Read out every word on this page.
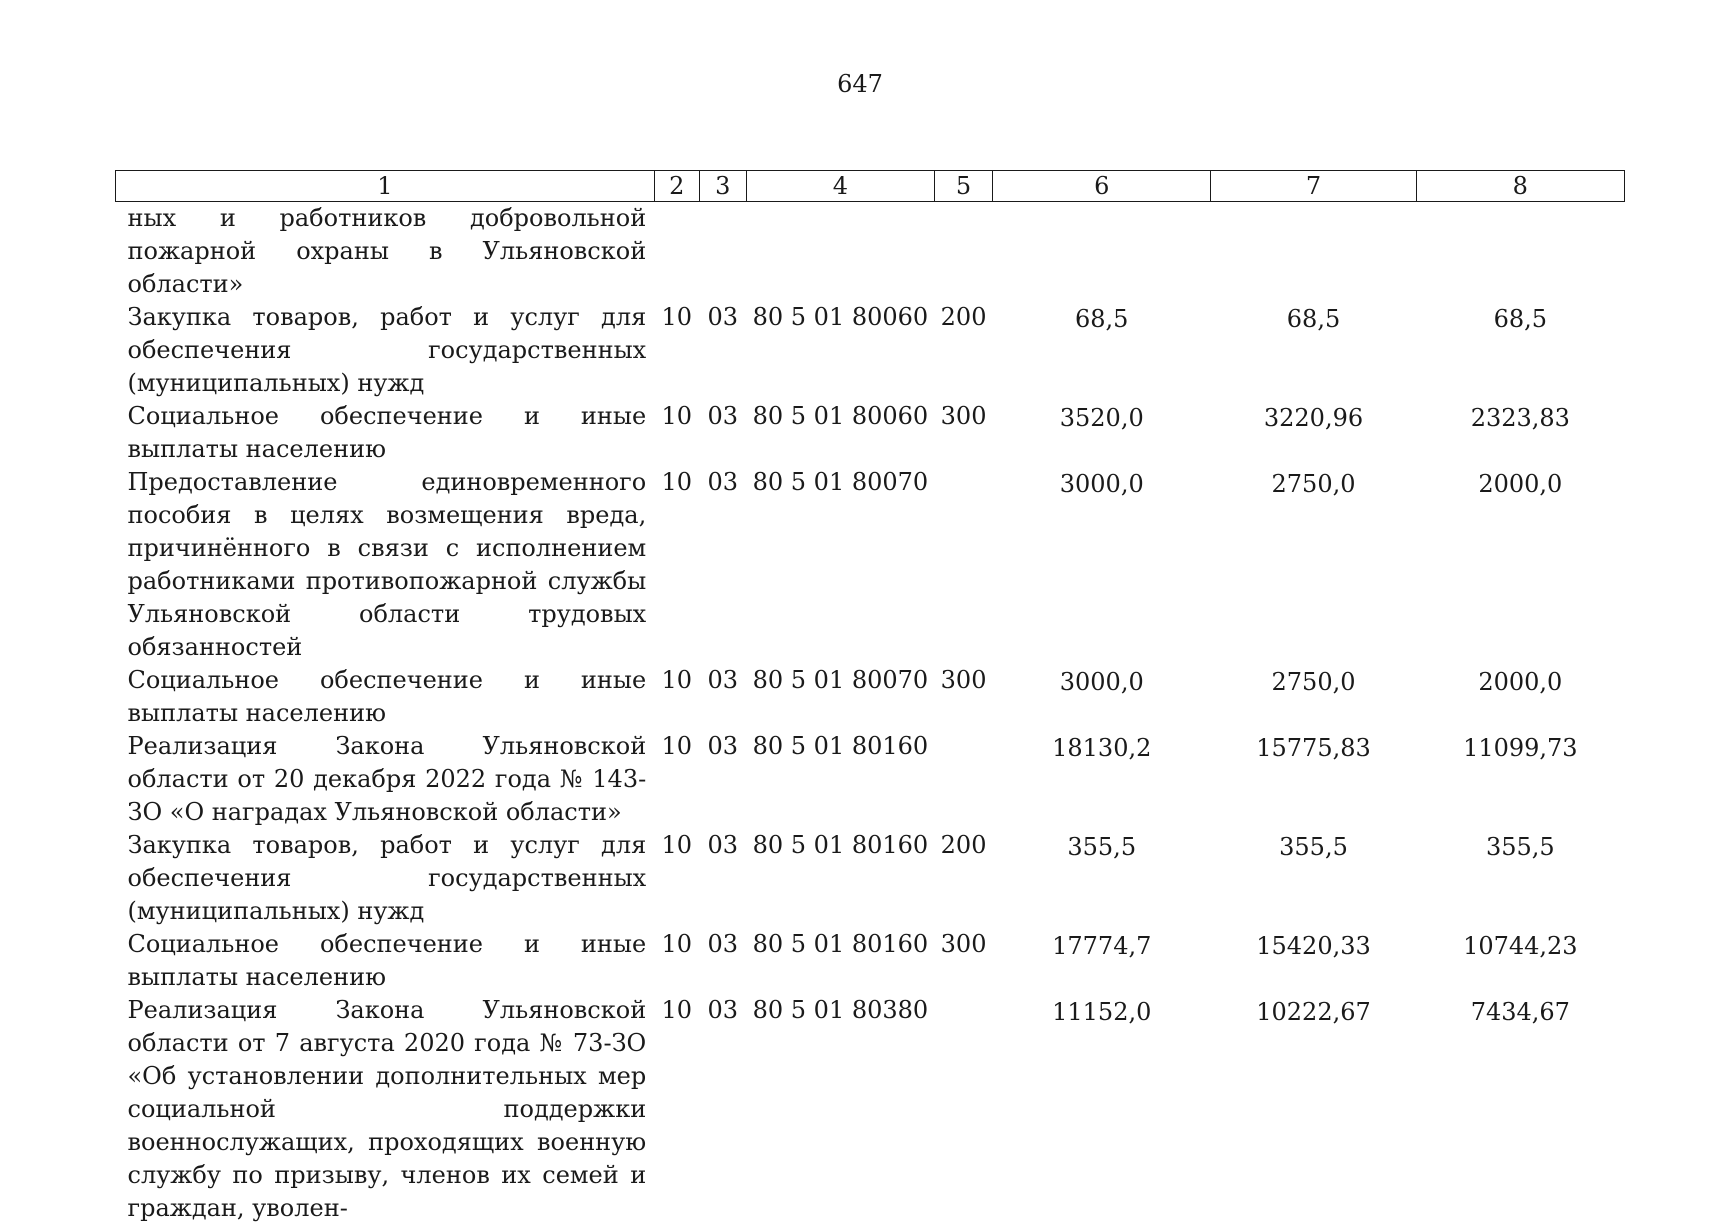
647
1	2	3	4	5	6	7	8
ных и работников добровольной пожарной охраны в Ульяновской области»							
Закупка товаров, работ и услуг для обеспечения государственных (муниципальных) нужд	10	03	80 5 01 80060	200	68,5	68,5	68,5
Социальное обеспечение и иные выплаты населению	10	03	80 5 01 80060	300	3520,0	3220,96	2323,83
Предоставление единовременного пособия в целях возмещения вреда, причинённого в связи с исполнением работниками противопожарной службы Ульяновской области трудовых обязанностей	10	03	80 5 01 80070		3000,0	2750,0	2000,0
Социальное обеспечение и иные выплаты населению	10	03	80 5 01 80070	300	3000,0	2750,0	2000,0
Реализация Закона Ульяновской области от 20 декабря 2022 года № 143-ЗО «О наградах Ульяновской области»	10	03	80 5 01 80160		18130,2	15775,83	11099,73
Закупка товаров, работ и услуг для обеспечения государственных (муниципальных) нужд	10	03	80 5 01 80160	200	355,5	355,5	355,5
Социальное обеспечение и иные выплаты населению	10	03	80 5 01 80160	300	17774,7	15420,33	10744,23
Реализация Закона Ульяновской области от 7 августа 2020 года № 73-ЗО «Об установлении дополнительных мер социальной поддержки военнослужащих, проходящих военную службу по призыву, членов их семей и граждан, уволен-	10	03	80 5 01 80380		11152,0	10222,67	7434,67
